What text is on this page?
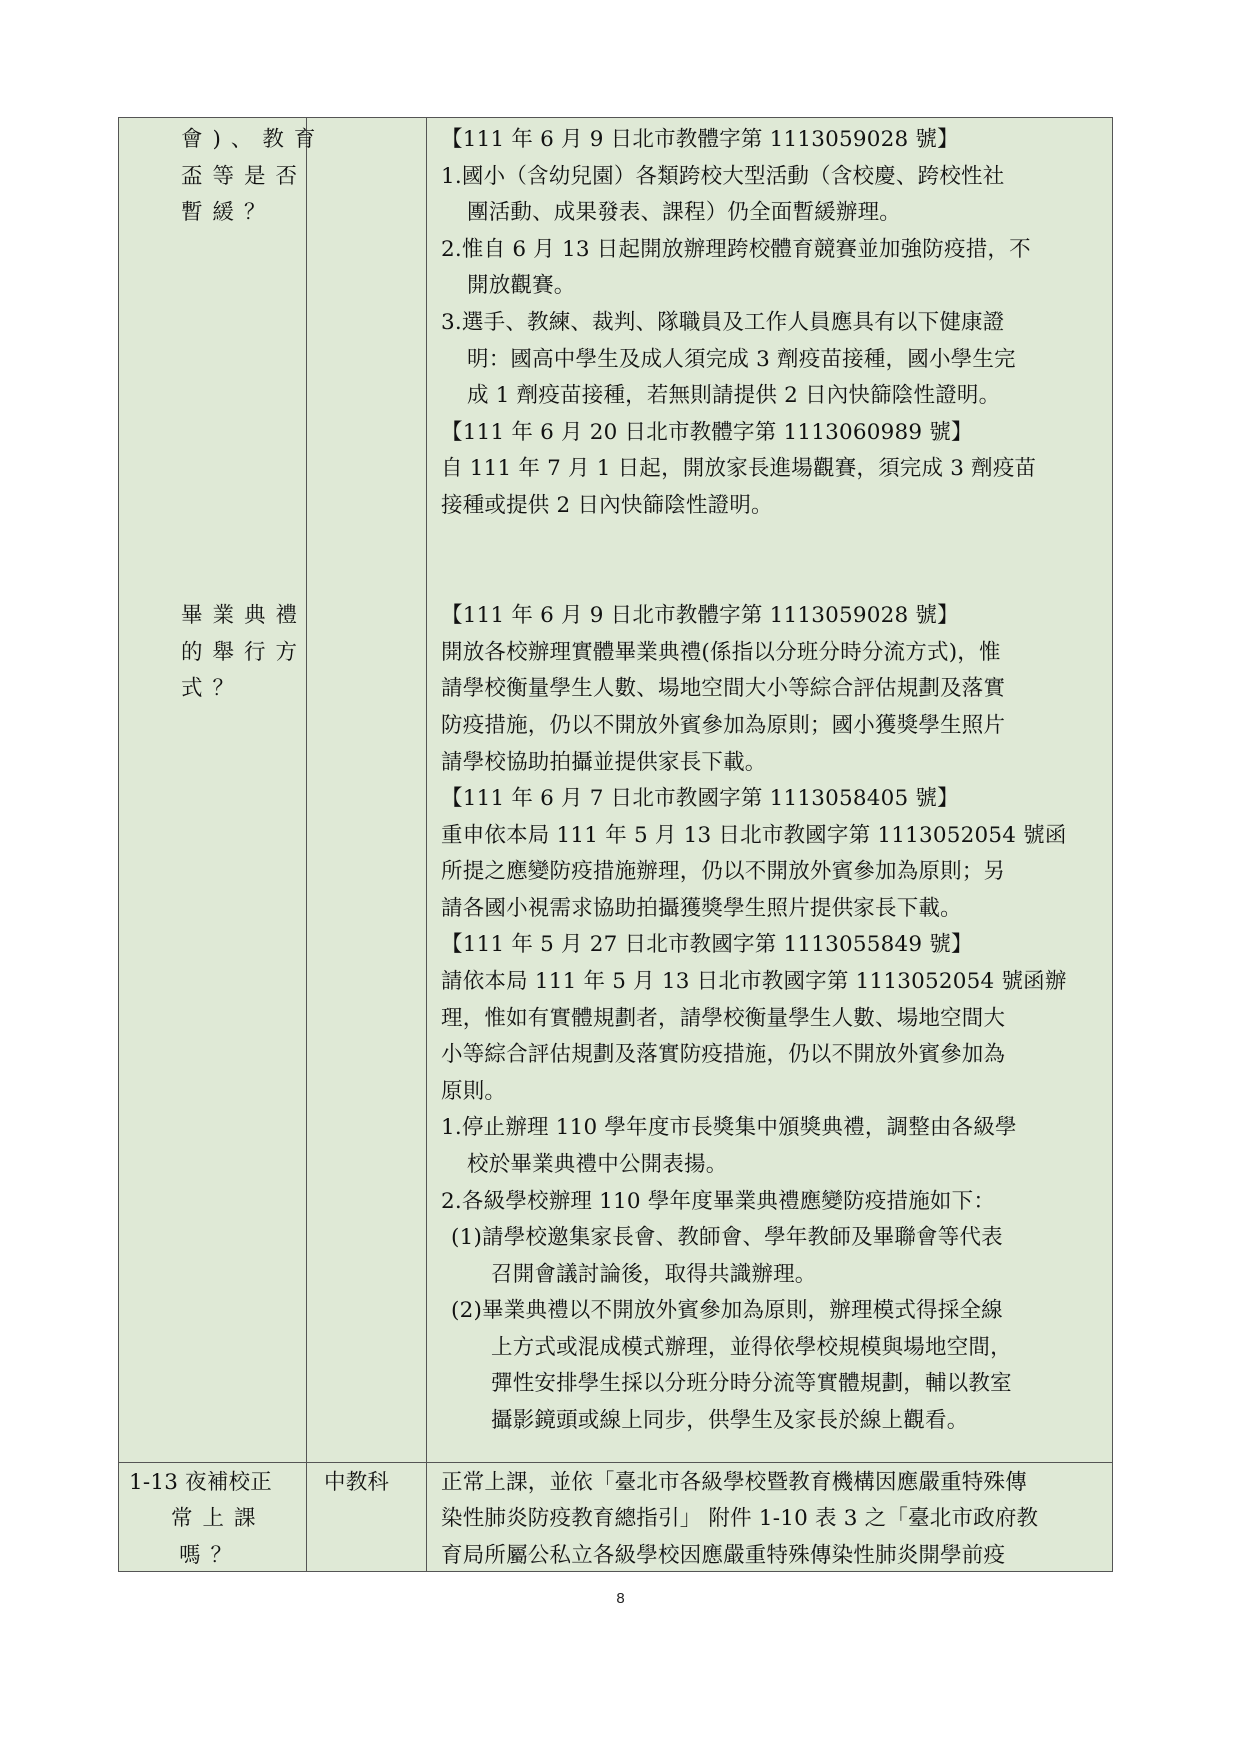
會)、教育
盃等是否
暫緩？
【111 年 6 月 9 日北市教體字第 1113059028 號】
1.國小（含幼兒園）各類跨校大型活動（含校慶、跨校性社
團活動、成果發表、課程）仍全面暫緩辦理。
2.惟自 6 月 13 日起開放辦理跨校體育競賽並加強防疫措，不
開放觀賽。
3.選手、教練、裁判、隊職員及工作人員應具有以下健康證
明：國高中學生及成人須完成 3 劑疫苗接種，國小學生完
成 1 劑疫苗接種，若無則請提供 2 日內快篩陰性證明。
【111 年 6 月 20 日北市教體字第 1113060989 號】
自 111 年 7 月 1 日起，開放家長進場觀賽，須完成 3 劑疫苗
接種或提供 2 日內快篩陰性證明。
畢業典禮
的舉行方
式？
【111 年 6 月 9 日北市教體字第 1113059028 號】
開放各校辦理實體畢業典禮(係指以分班分時分流方式)，惟
請學校衡量學生人數、場地空間大小等綜合評估規劃及落實
防疫措施，仍以不開放外賓參加為原則；國小獲獎學生照片
請學校協助拍攝並提供家長下載。
【111 年 6 月 7 日北市教國字第 1113058405 號】
重申依本局 111 年 5 月 13 日北市教國字第 1113052054 號函
所提之應變防疫措施辦理，仍以不開放外賓參加為原則；另
請各國小視需求協助拍攝獲獎學生照片提供家長下載。
【111 年 5 月 27 日北市教國字第 1113055849 號】
請依本局 111 年 5 月 13 日北市教國字第 1113052054 號函辦
理，惟如有實體規劃者，請學校衡量學生人數、場地空間大
小等綜合評估規劃及落實防疫措施，仍以不開放外賓參加為
原則。
1.停止辦理 110 學年度市長獎集中頒獎典禮，調整由各級學
校於畢業典禮中公開表揚。
2.各級學校辦理 110 學年度畢業典禮應變防疫措施如下：
(1)請學校邀集家長會、教師會、學年教師及畢聯會等代表
召開會議討論後，取得共識辦理。
(2)畢業典禮以不開放外賓參加為原則，辦理模式得採全線
上方式或混成模式辦理，並得依學校規模與場地空間，
彈性安排學生採以分班分時分流等實體規劃，輔以教室
攝影鏡頭或線上同步，供學生及家長於線上觀看。
1-13 夜補校正
常上課
嗎？
中教科 正常上課，並依「臺北市各級學校暨教育機構因應嚴重特殊傳
染性肺炎防疫教育總指引」 附件 1-10 表 3 之「臺北市政府教
育局所屬公私立各級學校因應嚴重特殊傳染性肺炎開學前疫
8
